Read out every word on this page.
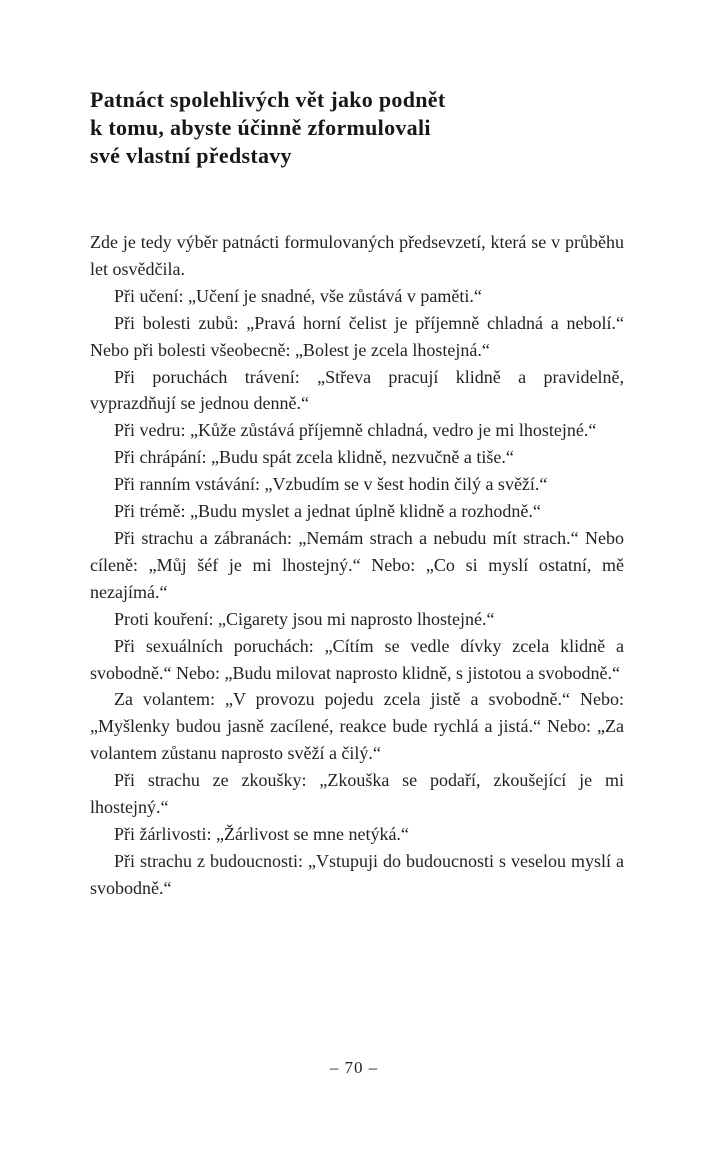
Patnáct spolehlivých vět jako podnět
k tomu, abyste účinně zformulovali
své vlastní představy

Zde je tedy výběr patnácti formulovaných předsevzetí, která se v průběhu let osvědčila.

Při učení: „Učení je snadné, vše zůstává v paměti.“

Při bolesti zubů: „Pravá horní čelist je příjemně chladná a nebolí.“ Nebo při bolesti všeobecně: „Bolest je zcela lhostejná.“

Při poruchách trávení: „Střeva pracují klidně a pravidelně, vyprazdňují se jednou denně.“

Při vedru: „Kůže zůstává příjemně chladná, vedro je mi lhostejné.“

Při chrápání: „Budu spát zcela klidně, nezvučně a tiše.“

Při ranním vstávání: „Vzbudím se v šest hodin čilý a svěží.“

Při trémě: „Budu myslet a jednat úplně klidně a rozhodně.“

Při strachu a zábranách: „Nemám strach a nebudu mít strach.“ Nebo cíleně: „Můj šéf je mi lhostejný.“ Nebo: „Co si myslí ostatní, mě nezajímá.“

Proti kouření: „Cigarety jsou mi naprosto lhostejné.“

Při sexuálních poruchách: „Cítím se vedle dívky zcela klidně a svobodně.“ Nebo: „Budu milovat naprosto klidně, s jistotou a svobodně.“

Za volantem: „V provozu pojedu zcela jistě a svobodně.“ Nebo: „Myšlenky budou jasně zacílené, reakce bude rychlá a jistá.“ Nebo: „Za volantem zůstanu naprosto svěží a čilý.“

Při strachu ze zkoušky: „Zkouška se podaří, zkoušející je mi lhostejný.“

Při žárlivosti: „Žárlivost se mne netýká.“

Při strachu z budoucnosti: „Vstupuji do budoucnosti s veselou myslí a svobodně.“

– 70 –
